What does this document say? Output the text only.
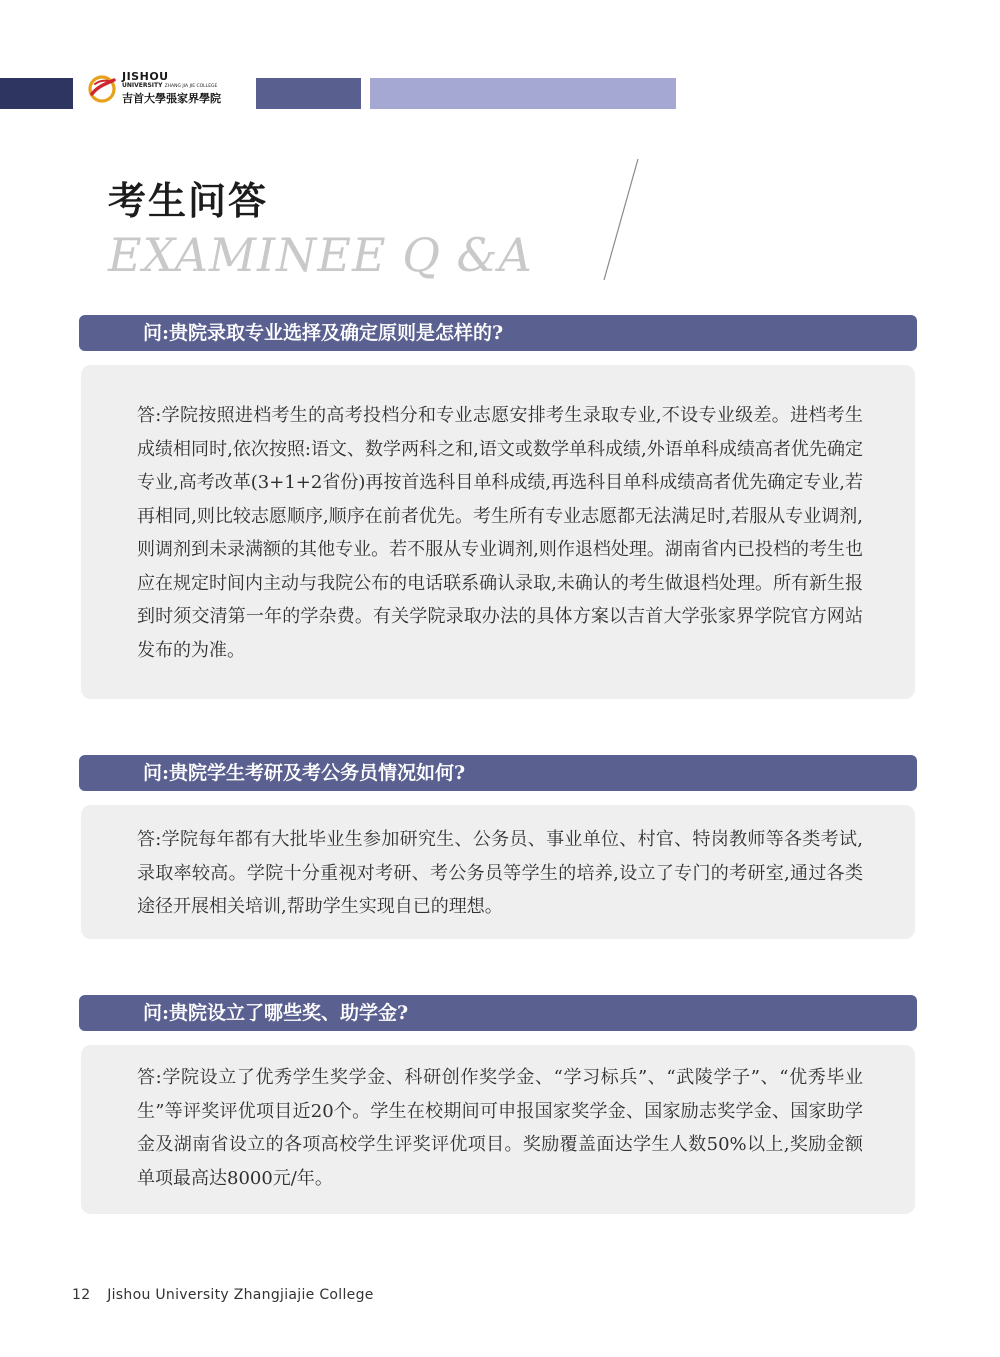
JISHOU
UNIVERSITY ZHANG JIA JIE COLLEGE
吉首大學張家界學院
考生问答
EXAMINEE Q &A
问:贵院录取专业选择及确定原则是怎样的?

答:学院按照进档考生的高考投档分和专业志愿安排考生录取专业,不设专业级差。进档考生成绩相同时,依次按照:语文、数学两科之和,语文或数学单科成绩,外语单科成绩高者优先确定专业,高考改革(3+1+2省份)再按首选科目单科成绩,再选科目单科成绩高者优先确定专业,若再相同,则比较志愿顺序,顺序在前者优先。考生所有专业志愿都无法满足时,若服从专业调剂,则调剂到未录满额的其他专业。若不服从专业调剂,则作退档处理。湖南省内已投档的考生也应在规定时间内主动与我院公布的电话联系确认录取,未确认的考生做退档处理。所有新生报到时须交清第一年的学杂费。有关学院录取办法的具体方案以吉首大学张家界学院官方网站发布的为准。

问:贵院学生考研及考公务员情况如何?

答:学院每年都有大批毕业生参加研究生、公务员、事业单位、村官、特岗教师等各类考试,录取率较高。学院十分重视对考研、考公务员等学生的培养,设立了专门的考研室,通过各类途径开展相关培训,帮助学生实现自已的理想。

问:贵院设立了哪些奖、助学金?

答:学院设立了优秀学生奖学金、科研创作奖学金、“学习标兵”、“武陵学子”、“优秀毕业生”等评奖评优项目近20个。学生在校期间可申报国家奖学金、国家励志奖学金、国家助学金及湖南省设立的各项高校学生评奖评优项目。奖励覆盖面达学生人数50%以上,奖励金额单项最高达8000元/年。

12 Jishou University Zhangjiajie College
